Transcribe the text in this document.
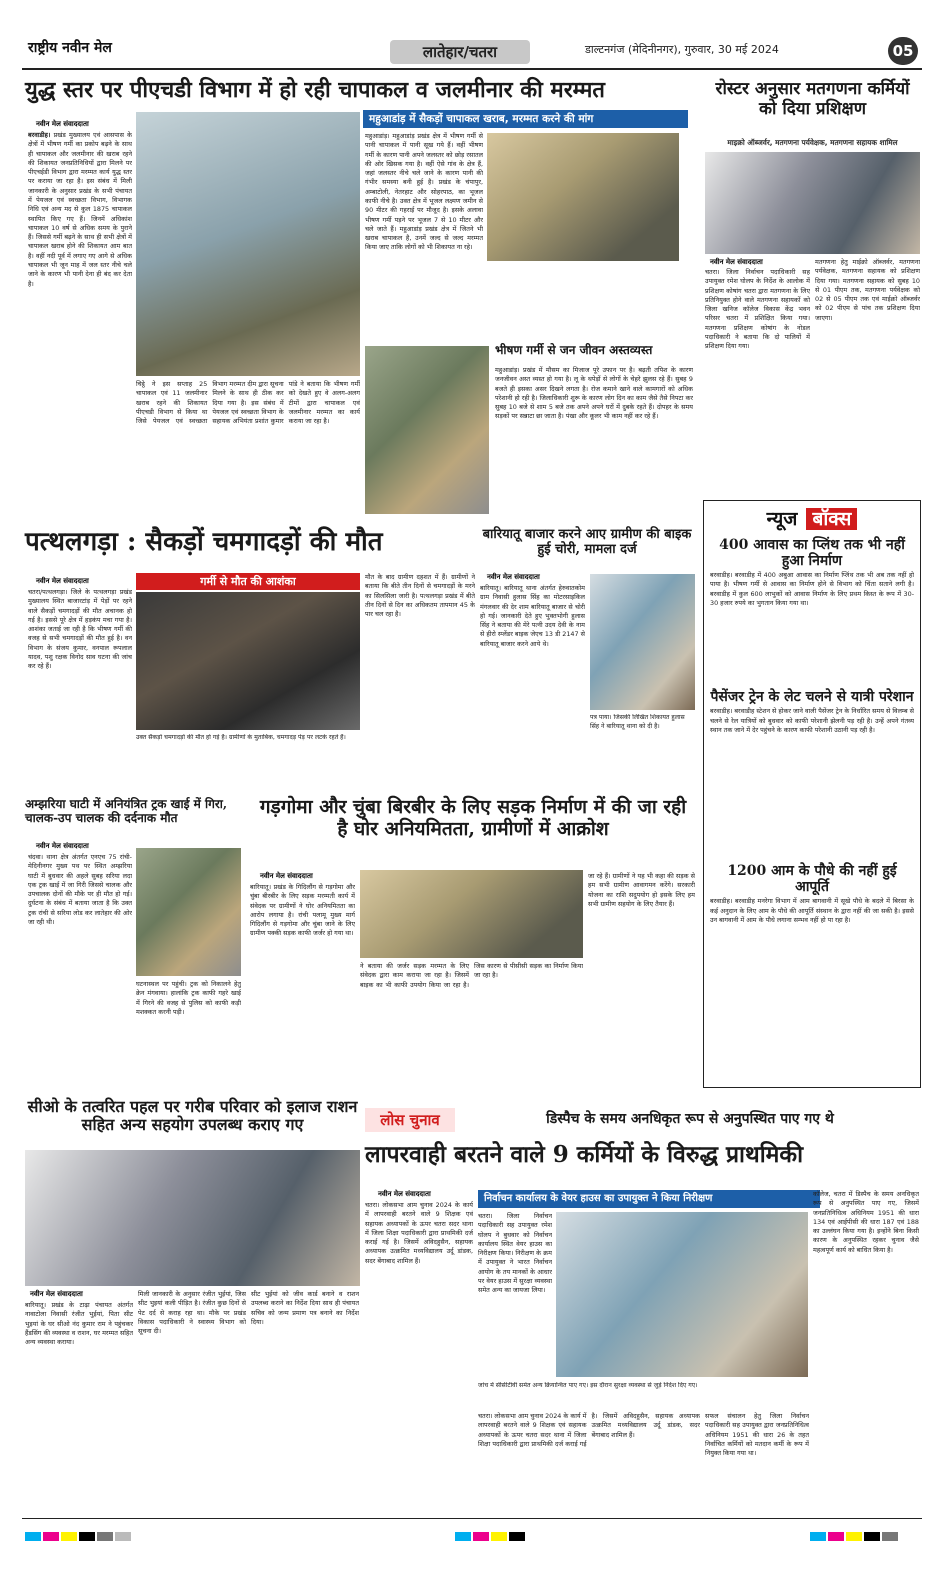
राष्ट्रीय नवीन मेल	लातेहार/चतरा	डाल्टनगंज (मेदिनीनगर), गुरुवार, 30 मई 2024	05
युद्ध स्तर पर पीएचडी विभाग में हो रही चापाकल व जलमीनार की मरम्मत
नवीन मेल संवाददाता
बरवाडीह। प्रखंड मुख्यालय एवं आसपास के क्षेत्रों में भीषण गर्मी का प्रकोप बढ़ने के साथ ही चापाकल और जलमीनार की खराब रहने की शिकायत जनप्रतिनिधियों द्वारा मिलने पर पीएचईडी विभाग द्वारा मरम्मत कार्य युद्ध स्तर पर कराया जा रहा है। इस संबंध में मिली जानकारी के अनुसार प्रखंड के सभी पंचायत में पेयजल एवं स्वच्छता विभाग, विभागक निधि एवं अन्य मद से कुल 1875 चापाकल स्थापित किए गए हैं। जिनमें अधिकांश चापाकल 10 वर्ष से अधिक समय के पुराने हैं। जिससे गर्मी बढ़ने के साथ ही सभी क्षेत्रों में चापाकल खराब होने की शिकायत आम बात है। वहीं नदी पूर्व में लगाए गए आगे से अधिक चापाकल भी जून माह में जल स्तर नीचे चले जाने के कारण भी पानी देना ही बंद कर देता है।
चिट्ठे ने इस सप्ताह 25 चापाकल एवं 11 जलमीनार खराब रहने की शिकायत पीएचडी विभाग से किया था जिसे पेयजल एवं स्वच्छता विभाग मरम्मत दीम द्वारा सूचना मिलने के साथ ही ठीक कर दिया गया है। इस संबंध में पेयजल एवं स्वच्छता विभाग के सहायक अभियंता प्रशांत कुमार पांडे ने बताया कि भीषण गर्मी को देखते हुए वे अलग-अलग टीमों द्वारा चापाकल एवं जलमीनार मरम्मत का कार्य कराया जा रहा है।
महुआडांड़ में सैकड़ों चापाकल खराब, मरम्मत करने की मांग
महुआडांड़। महुआडांड़ प्रखंड क्षेत्र में भीषण गर्मी से पानी चापाकल में पानी सूख गये हैं। वहीं भीषण गर्मी के कारण पानी अपने जलस्तर को छोड़ रसातल की ओर खिसक गया है। वहीं ऐसे गांव के क्षेत्र हैं, जहां जलस्तर नीचे चले जाने के कारण पानी की गंभीर समस्या बनी हुई है। प्रखंड के चंपापुर, अम्बाटोली, नेतरहाट और सोहरपाठ, का भूजल काफी नीचे है। उक्त क्षेत्र में भूजल लक्ष्मण जमीन से 90 मीटर की गहराई पर मौजूद है। इसके अलावा भीषण गर्मी पड़ने पर भूजल 7 से 10 मीटर और चले जाते हैं। महुआडांड़ प्रखंड क्षेत्र में जितने भी खराब चापाकल है, उनमें जल्द से जल्द मरम्मत किया जाए ताकि लोगों को भी शिकायत ना रहे।
भीषण गर्मी से जन जीवन अस्तव्यस्त
महुआडांड़। प्रखंड में मौसम का मिजाज पूरे उफान पर है। बढ़ती तपिश के कारण जनजीवन अस्त व्यस्त हो गया है। लू के थपेड़ों से लोगों के चेहरे झुलस रहे हैं। सुबह 9 बजते ही इसका असर दिखने लगता है। रोज कमाने खाने वाले कामगारों को अधिक परेशानी हो रही है। जिलाधिकारी शुरू के कारण लोग दिन का काम जैसे तैसे निपटा कर सुबह 10 बजे से शाम 5 बजे तक अपने अपने घरों में दुबके रहते हैं। दोपहर के समय सड़कों पर सन्नाटा छा जाता है। पंखा और कूलर भी काम नहीं कर रहे हैं।
रोस्टर अनुसार मतगणना कर्मियों को दिया प्रशिक्षण
माइक्रो ऑब्जर्वर, मतगणना पर्यवेक्षक, मतगणना सहायक शामिल
नवीन मेल संवाददाता
चतरा। जिला निर्वाचन पदाधिकारी सह उपायुक्त रमेश घोलप के निर्देश के आलोक में प्रशिक्षण कोषांग चतरा द्वारा मतगणना के लिए प्रतिनियुक्त होने वाले मतगणना सहायकों को जिला खनिज कॉलेज विकास केंद्र भवन परिसर चतरा में प्रशिक्षित किया गया। मतगणना प्रशिक्षण कोषांग के नोडल पदाधिकारी ने बताया कि दो पालियों में प्रशिक्षण दिया गया।
मतगणना हेतु माईक्रो ऑब्जर्वर, मतगणना पर्यवेक्षक, मतगणना सहायक को प्रशिक्षण दिया गया। मतगणना सहायक को सुबह 10 से 01 पीएम तक, मतगणना पर्यवेक्षक को 02 से 05 पीएम तक एवं माईक्रो ऑब्जर्वर को 02 पीएम से पांच तक प्रशिक्षण दिया जाएगा।
पत्थलगड़ा : सैकड़ों चमगादड़ों की मौत
नवीन मेल संवाददाता
चतरा/पत्थलगड़ा। जिले के पत्थलगड़ा प्रखंड मुख्यालय स्थित बाजारटांड़ में पेड़ों पर रहने वाले सैकड़ों चमगादड़ों की मौत अचानक हो गई है। इससे पूरे क्षेत्र में हड़कंप मचा गया है। आशंका जताई जा रही है कि भीषण गर्मी की वजह से सभी चमगादड़ों की मौत हुई है। वन विभाग के संजय कुमार, वनपाल रूपलाल यादव, पशु रक्षक विनोद साव घटना की जांच कर रहे हैं।
गर्मी से मौत की आशंका
उक्त सैकड़ों चमगादड़ों की मौत हो गई है। ग्रामीणों के मुताबिक, चमगादड़ पेड़ पर लटके रहते हैं।
मौत के बाद ग्रामीण दहशत में हैं। ग्रामीणों ने बताया कि बीते तीन दिनों से चमगादड़ों के मरने का सिलसिला जारी है। पत्थलगड़ा प्रखंड में बीते तीन दिनों से दिन का अधिकतम तापमान 45 के पार चल रहा है।
बारियातू बाजार करने आए ग्रामीण की बाइक हुई चोरी, मामला दर्ज
नवीन मेल संवाददाता
बारियातू। बारियातू थाना अंतर्गत हेरुवातकोम ग्राम निवासी हुलास सिंह का मोटरसाइकिल मंगलवार की देर शाम बारियातू बाजार से चोरी हो गई। जानकारी देते हुए भुक्तभोगी हुलास सिंह ने बताया की मेरे पत्नी उदय देवी के नाम से हीरो स्प्लेंडर बाइक जेएच 13 डी 2147 से बारियातू बाजार करने आये थे।
पत्र पाया। जिसकी लिखित शिकायत हुलास सिंह ने बारियातू थाना को दी है।
अम्झरिया घाटी में अनियंत्रित ट्रक खाई में गिरा, चालक-उप चालक की दर्दनाक मौत
नवीन मेल संवाददाता
चंदवा। थाना क्षेत्र अंतर्गत एनएच 75 रांची-मेदिनीनगर मुख्य पथ पर स्थित अम्झरिया घाटी में बुधवार की अहले सुबह सरिया लदा एक ट्रक खाई में जा गिरी जिससे चालक और उपचालक दोनों की मौके पर ही मौत हो गई। दुर्घटना के संबंध में बताया जाता है कि उक्त ट्रक रांची से सरिया लोड कर लातेहार की ओर जा रही थी।
घटनास्थल पर पहुंची। ट्रक को निकालने हेतु क्रेन मंगवाया। हालांकि ट्रक काफी गहरे खाई में गिरने की वजह से पुलिस को काफी कड़ी मशक्कत करनी पड़ी।
गड़गोमा और चुंबा बिरबीर के लिए सड़क निर्माण में की जा रही है घोर अनियमितता, ग्रामीणों में आक्रोश
नवीन मेल संवाददाता
बारियातू। प्रखंड के गिदिलौंग से गड़गोमा और चुंबा बीरबीर के लिए सड़क मरम्मती कार्य में संवेदक पर ग्रामीणों ने घोर अनियमितता का आरोप लगाया है। रांची पलामू मुख्य मार्ग गिदिलौंग से गड़गोमा और चुंबा जाने के लिए ग्रामीण पक्की सड़क काफी जर्जर हो गया था।
ने बताया की जर्जर सड़क मरम्मत के लिए संवेदक द्वारा काम कराया जा रहा है। जिसमें बाइक का भी काफी उपयोग किया जा रहा है। जिस कारण से पीसीसी सड़क का निर्माण किया जा रहा है।
जा रहे हैं। ग्रामीणों ने यह भी कहा की सड़क से हम सभी ग्रामीण आवागमन करेंगे। सरकारी योजना का राशि सदुपयोग हो इसके लिए हम सभी ग्रामीण सहयोग के लिए तैयार हैं।
न्यूज बॉक्स
400 आवास का प्लिंथ तक भी नहीं हुआ निर्माण
बरवाडीह। बरवाडीह में 400 अबुआ आवास का निर्माण प्लिंथ तक भी अब तक नहीं हो पाया है। भीषण गर्मी से आवास का निर्माण होने से विभाग को चिंता सताने लगी है। बरवाडीह में कुल 600 लाभुकों को आवास निर्माण के लिए प्रथम किस्त के रूप में 30-30 हजार रुपये का भुगतान किया गया था।
पैसेंजर ट्रेन के लेट चलने से यात्री परेशान
बरवाडीह। बरवाडीह स्टेशन से होकर जाने वाली पैसेंजर ट्रेन के निर्धारित समय से विलम्ब से चलने से रेल यात्रियों को बुधवार को काफी परेशानी झेलनी पड़ रही है। उन्हें अपने गंतव्य स्थान तक जाने में देर पहुंचने के कारण काफी परेशानी उठानी पड़ रही है।
1200 आम के पौधे की नहीं हुई आपूर्ति
बरवाडीह। बरवाडीह मनरेगा विभाग में आम बागवानी में सूखे पौधे के बदले में बिरसा के कई अनुदान के लिए आम के पौधे की आपूर्ति संस्थान के द्वारा नहीं की जा सकी है। इससे उन बागवानी में आम के पौधे लगाना सम्भव नहीं हो पा रहा है।
सीओ के तत्वरित पहल पर गरीब परिवार को इलाज राशन सहित अन्य सहयोग उपलब्ध कराए गए
नवीन मेल संवाददाता
बारियातू। प्रखंड के टाढ़ा पंचायत अंतर्गत नावाटोला निवासी रंजीत भुईयां, पिता सीट भुइयां के घर सीओ नंद कुमार राम ने पहुंचकर हैंडसिंग की व्यवस्था व राशन, घर मरम्मत सहित अन्य व्यवस्था कराया।
मिली जानकारी के अनुसार रंजीत भुईयां, जिस सीट भुइयां कली पीड़ित है। रंजीत कुछ दिनों से पेट दर्द से कराह रहा था। मौके पर प्रखंड विकास पदाधिकारी ने स्वास्थ्य विभाग को सूचना दी।
सीट भुईयां को जीव कार्ड बनाने व राशन उपलब्ध कराने का निर्देश दिया साथ ही पंचायत सचिव को जन्म प्रमाण पत्र बनाने का निर्देश दिया।
लोस चुनाव	डिस्पैच के समय अनधिकृत रूप से अनुपस्थित पाए गए थे
लापरवाही बरतने वाले 9 कर्मियों के विरुद्ध प्राथमिकी
नवीन मेल संवाददाता
चतरा। लोकसभा आम चुनाव 2024 के कार्य में लापरवाही बरतने वाले 9 शिक्षक एवं सहायक अध्यापकों के ऊपर चतरा सदर थाना में जिला शिक्षा पदाधिकारी द्वारा प्राथमिकी दर्ज कराई गई है। जिसमें अविदहुसैन, सहायक अध्यापक उत्क्रमित मध्यविद्यालय उर्दू डांडक, सदर बेंगाबाद शामिल हैं।
निर्वाचन कार्यालय के वेयर हाउस का उपायुक्त ने किया निरीक्षण
चतरा। जिला निर्वाचन पदाधिकारी सह उपायुक्त रमेश घोलप ने बुधवार को निर्वाचन कार्यालय स्थित वेयर हाउस का निरीक्षण किया। निरीक्षण के क्रम में उपायुक्त ने भारत निर्वाचन आयोग के तय मानकों के आधार पर वेयर हाउस में सुरक्षा व्यवस्था समेत अन्य का जायजा लिया।
जांच में सीसीटीवी समेत अन्य क्रियान्वित पाए गए। इस दौरान सुरक्षा व्यवस्था से जुड़े निर्देश दिए गए।
कॉलेज, चतरा में डिस्पैच के समय अनधिकृत रूप से अनुपस्थित पाए गए, जिसमें जनप्रतिनिधित्व अधिनियम 1951 की धारा 134 एवं आईपीसी की धारा 187 एवं 188 का उल्लंघन किया गया है। इन्होंने बिना किसी कारण के अनुपस्थित रहकर चुनाव जैसे महत्वपूर्ण कार्य को बाधित किया है।
सफल संचालन हेतु जिला निर्वाचन पदाधिकारी सह उपायुक्त द्वारा जनप्रतिनिधित्व अधिनियम 1951 की धारा 26 के तहत निर्वाचित कर्मियों को मतदान कर्मी के रूप में नियुक्त किया गया था।
चतरा। लोकसभा आम चुनाव 2024 के कार्य में लापरवाही बरतने वाले 9 शिक्षक एवं सहायक अध्यापकों के ऊपर चतरा सदर थाना में जिला शिक्षा पदाधिकारी द्वारा प्राथमिकी दर्ज कराई गई है। जिसमें अविदहुसैन, सहायक अध्यापक उत्क्रमित मध्यविद्यालय उर्दू डांडक, सदर बेंगाबाद शामिल हैं।
